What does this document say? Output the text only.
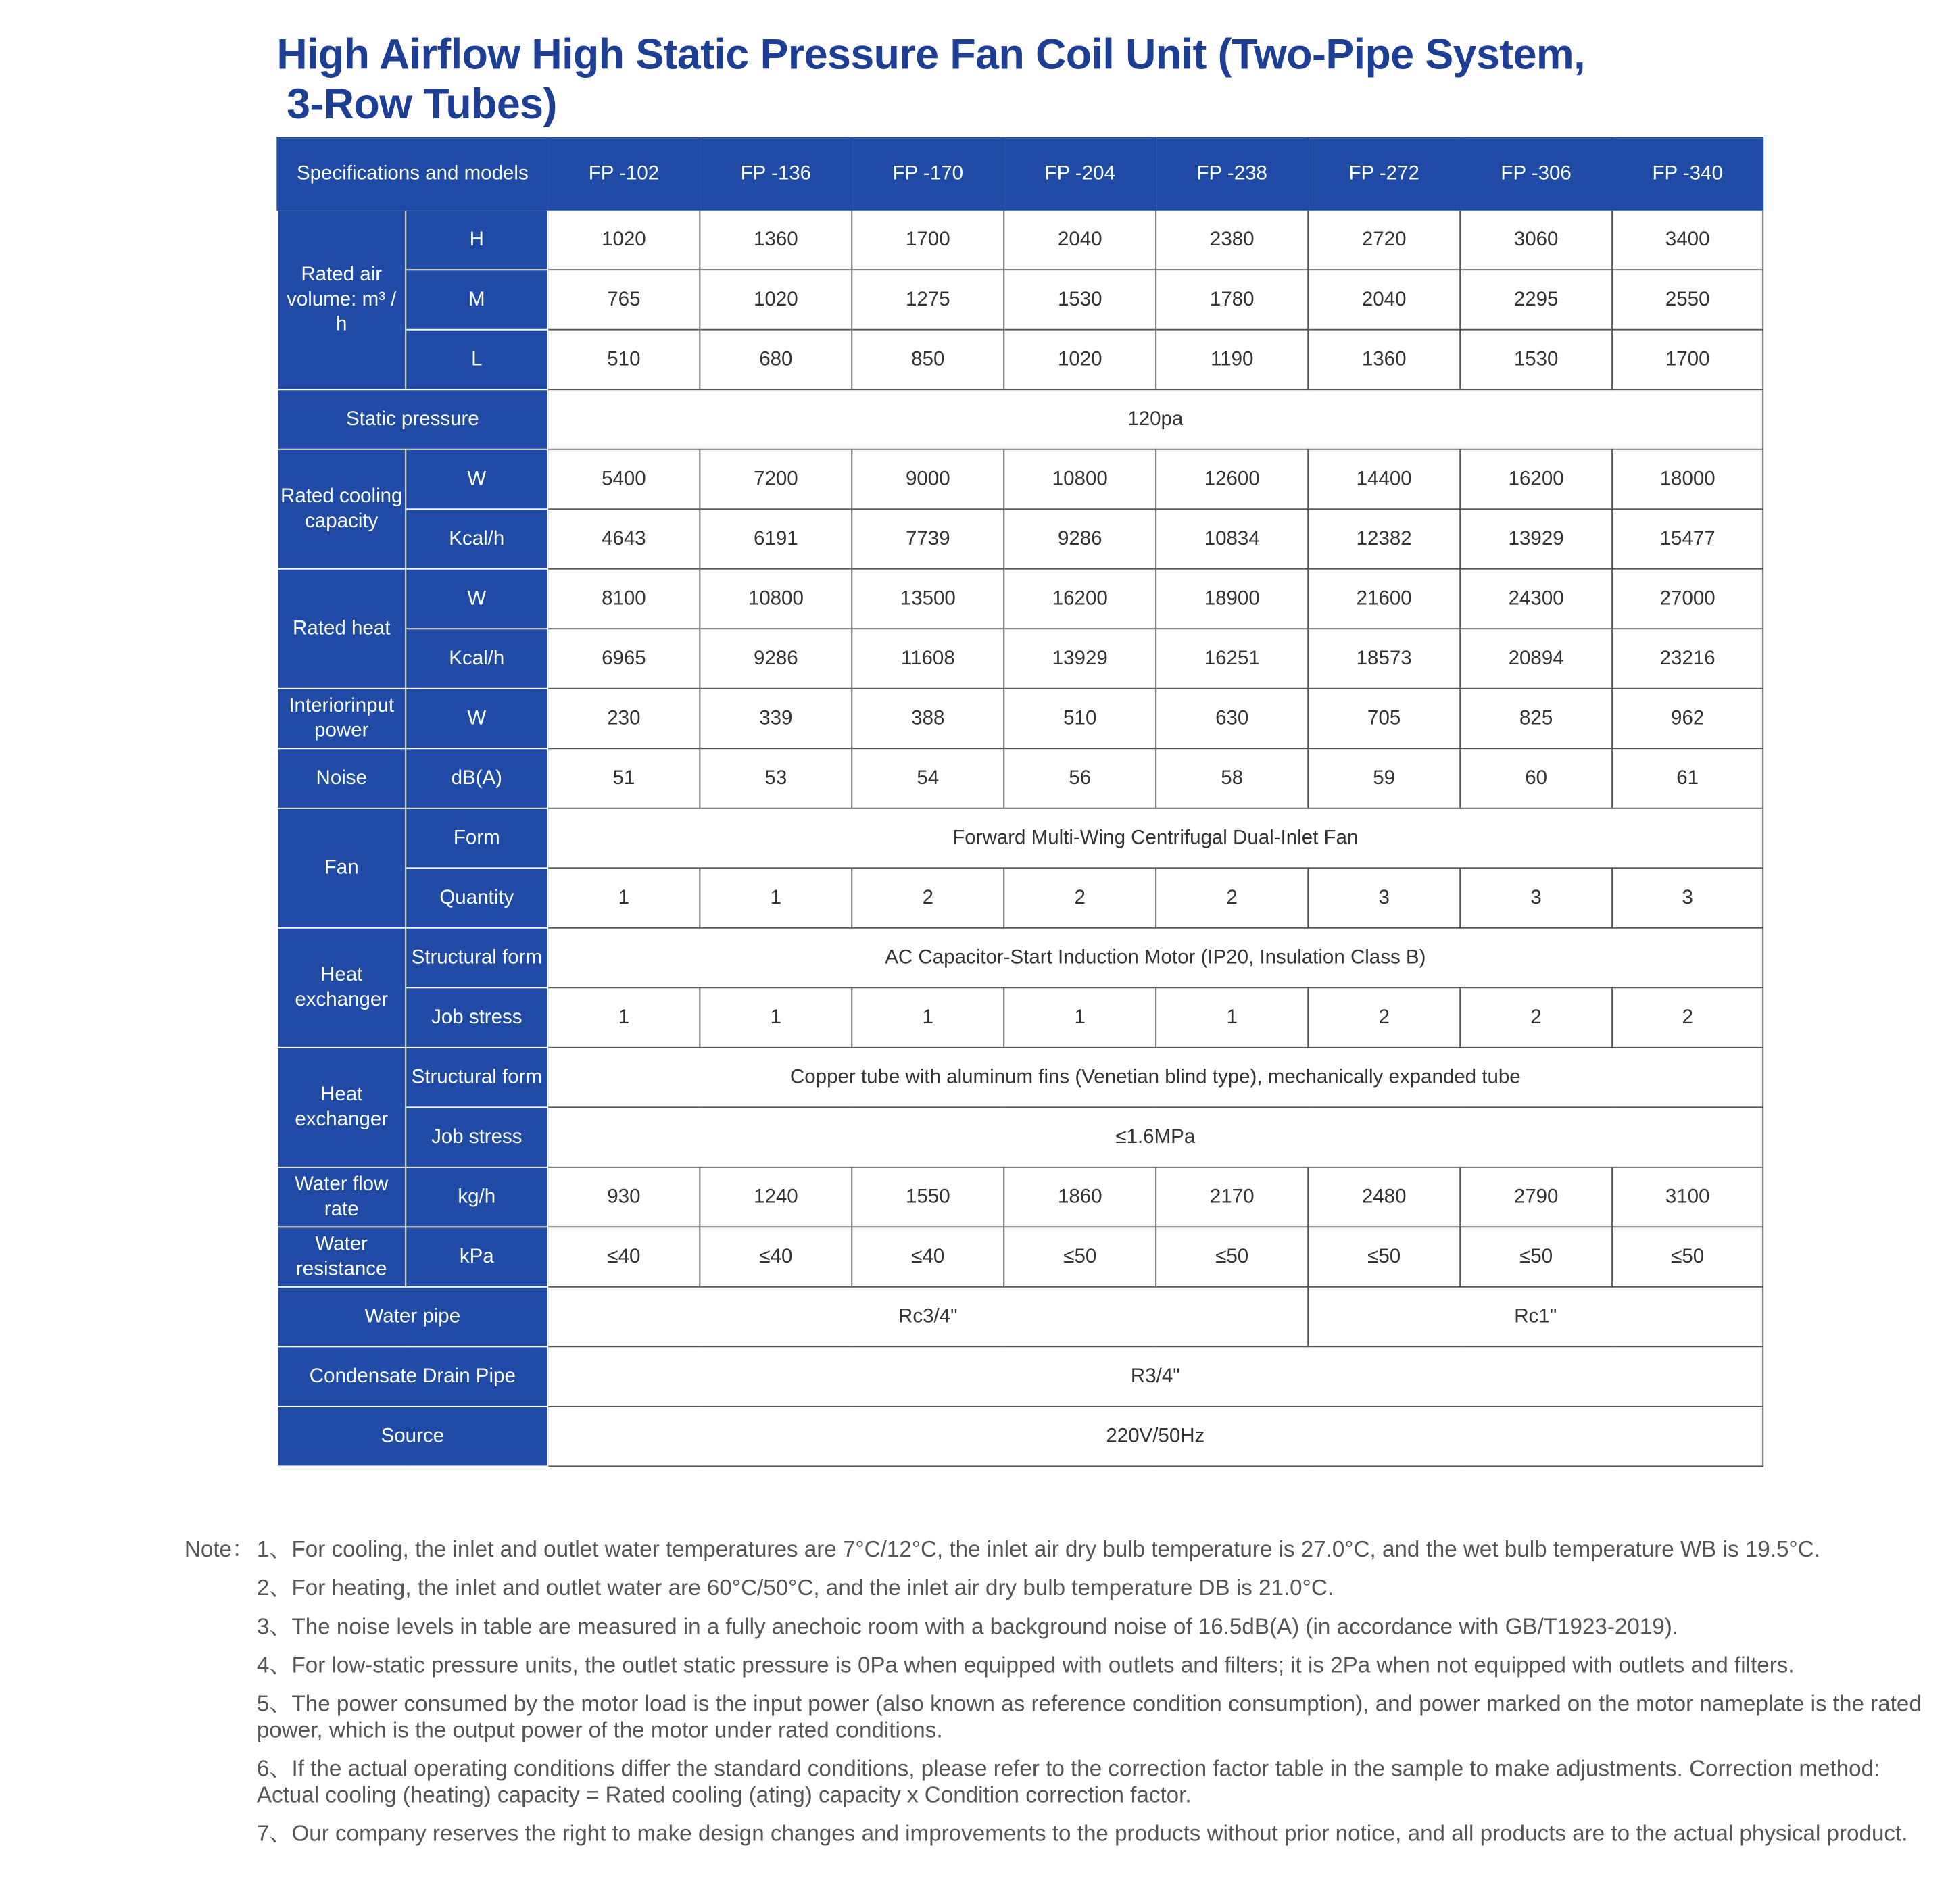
High Airflow High Static Pressure Fan Coil Unit (Two-Pipe System,
3-Row Tubes)
Specifications and models		FP -102	FP -136	FP -170	FP -204	FP -238	FP -272	FP -306	FP -340
Rated air volume: m³ / h	H	1020	1360	1700	2040	2380	2720	3060	3400
	M	765	1020	1275	1530	1780	2040	2295	2550
	L	510	680	850	1020	1190	1360	1530	1700
Static pressure		120pa							
Rated cooling capacity	W	5400	7200	9000	10800	12600	14400	16200	18000
	Kcal/h	4643	6191	7739	9286	10834	12382	13929	15477
Rated heat	W	8100	10800	13500	16200	18900	21600	24300	27000
	Kcal/h	6965	9286	11608	13929	16251	18573	20894	23216
Interiorinput power	W	230	339	388	510	630	705	825	962
Noise	dB(A)	51	53	54	56	58	59	60	61
Fan	Form	Forward Multi-Wing Centrifugal Dual-Inlet Fan							
	Quantity	1	1	2	2	2	3	3	3
Heat exchanger	Structural form	AC Capacitor-Start Induction Motor (IP20, Insulation Class B)							
	Job stress	1	1	1	1	1	2	2	2
Heat exchanger	Structural form	Copper tube with aluminum fins (Venetian blind type), mechanically expanded tube							
	Job stress	≤1.6MPa							
Water flow rate	kg/h	930	1240	1550	1860	2170	2480	2790	3100
Water resistance	kPa	≤40	≤40	≤40	≤50	≤50	≤50	≤50	≤50
Water pipe		Rc3/4"					Rc1"		
Condensate Drain Pipe		R3/4"							
Source		220V/50Hz							
Note： 1、For cooling, the inlet and outlet water temperatures are 7°C/12°C, the inlet air dry bulb temperature is 27.0°C, and the wet bulb temperature WB is 19.5°C.
2、For heating, the inlet and outlet water are 60°C/50°C, and the inlet air dry bulb temperature DB is 21.0°C.
3、The noise levels in table are measured in a fully anechoic room with a background noise of 16.5dB(A) (in accordance with GB/T1923-2019).
4、For low-static pressure units, the outlet static pressure is 0Pa when equipped with outlets and filters; it is 2Pa when not equipped with outlets and filters.
5、The power consumed by the motor load is the input power (also known as reference condition consumption), and power marked on the motor nameplate is the rated power, which is the output power of the motor under rated conditions.
6、If the actual operating conditions differ the standard conditions, please refer to the correction factor table in the sample to make adjustments. Correction method: Actual cooling (heating) capacity = Rated cooling (ating) capacity x Condition correction factor.
7、Our company reserves the right to make design changes and improvements to the products without prior notice, and all products are to the actual physical product.
